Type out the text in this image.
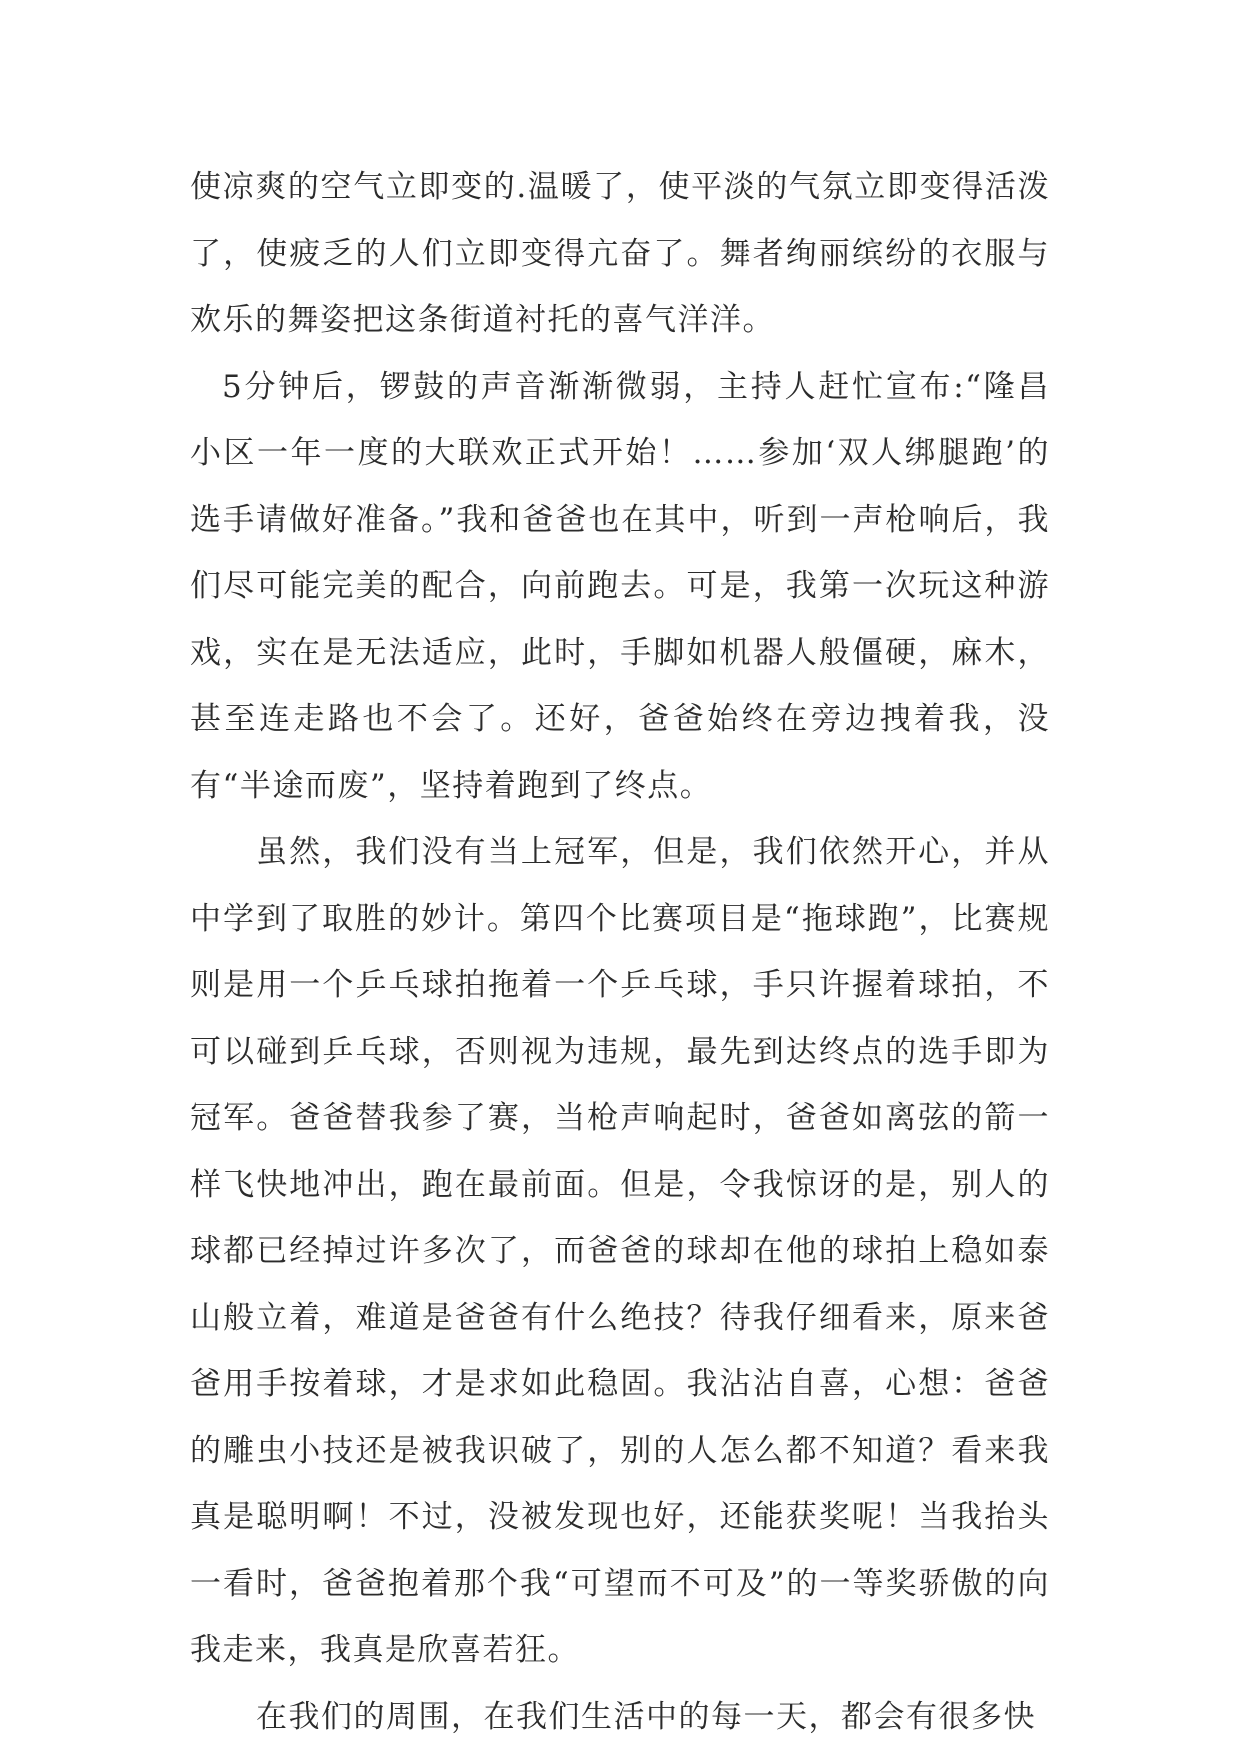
使凉爽的空气立即变的.温暖了，使平淡的气氛立即变得活泼了，使疲乏的人们立即变得亢奋了。舞者绚丽缤纷的衣服与欢乐的舞姿把这条街道衬托的喜气洋洋。

5分钟后，锣鼓的声音渐渐微弱，主持人赶忙宣布:“隆昌小区一年一度的大联欢正式开始！……参加‘双人绑腿跑’的选手请做好准备。”我和爸爸也在其中，听到一声枪响后，我们尽可能完美的配合，向前跑去。可是，我第一次玩这种游戏，实在是无法适应，此时，手脚如机器人般僵硬，麻木，甚至连走路也不会了。还好，爸爸始终在旁边拽着我，没有“半途而废”，坚持着跑到了终点。

虽然，我们没有当上冠军，但是，我们依然开心，并从中学到了取胜的妙计。第四个比赛项目是“拖球跑”，比赛规则是用一个乒乓球拍拖着一个乒乓球，手只许握着球拍，不可以碰到乒乓球，否则视为违规，最先到达终点的选手即为冠军。爸爸替我参了赛，当枪声响起时，爸爸如离弦的箭一样飞快地冲出，跑在最前面。但是，令我惊讶的是，别人的球都已经掉过许多次了，而爸爸的球却在他的球拍上稳如泰山般立着，难道是爸爸有什么绝技？待我仔细看来，原来爸爸用手按着球，才是求如此稳固。我沾沾自喜，心想：爸爸的雕虫小技还是被我识破了，别的人怎么都不知道？看来我真是聪明啊！不过，没被发现也好，还能获奖呢！当我抬头一看时，爸爸抱着那个我“可望而不可及”的一等奖骄傲的向我走来，我真是欣喜若狂。

在我们的周围，在我们生活中的每一天，都会有很多快
